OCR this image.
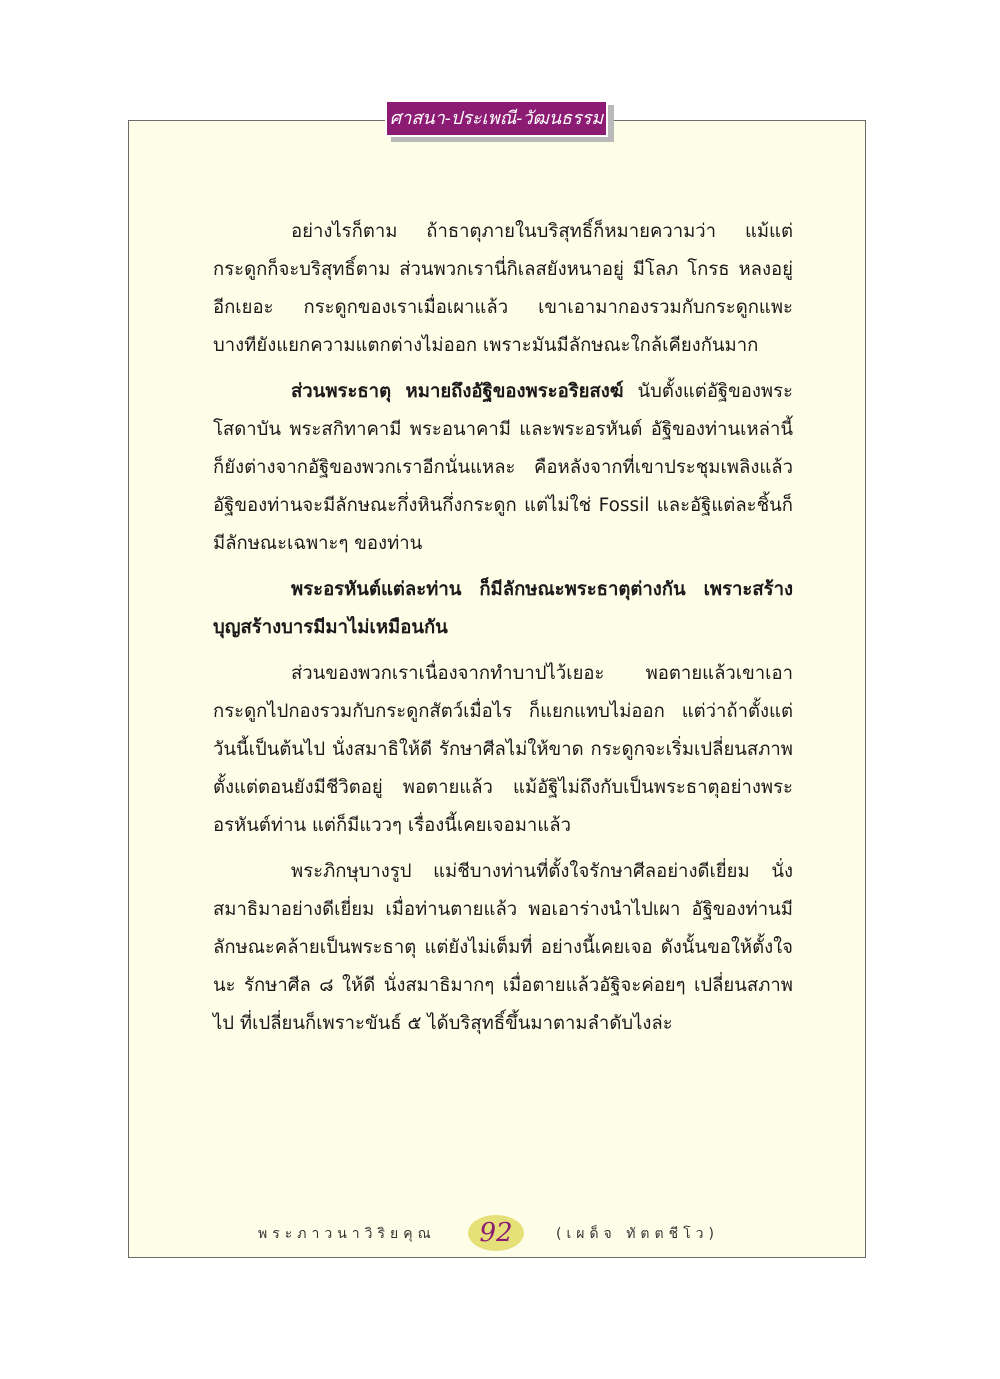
ศาสนา-ประเพณี-วัฒนธรรม

อย่างไรก็ตาม ถ้าธาตุภายในบริสุทธิ์ก็หมายความว่า แม้แต่กระดูกก็จะบริสุทธิ์ตาม ส่วนพวกเรานี่กิเลสยังหนาอยู่ มีโลภ โกรธ หลงอยู่อีกเยอะ กระดูกของเราเมื่อเผาแล้ว เขาเอามากองรวมกับกระดูกแพะ บางทียังแยกความแตกต่างไม่ออก เพราะมันมีลักษณะใกล้เคียงกันมาก

ส่วนพระธาตุ หมายถึงอัฐิของพระอริยสงฆ์ นับตั้งแต่อัฐิของพระโสดาบัน พระสกิทาคามี พระอนาคามี และพระอรหันต์ อัฐิของท่านเหล่านี้ก็ยังต่างจากอัฐิของพวกเราอีกนั่นแหละ คือหลังจากที่เขาประชุมเพลิงแล้ว อัฐิของท่านจะมีลักษณะกึ่งหินกึ่งกระดูก แต่ไม่ใช่ Fossil และอัฐิแต่ละชิ้นก็มีลักษณะเฉพาะๆ ของท่าน

พระอรหันต์แต่ละท่าน ก็มีลักษณะพระธาตุต่างกัน เพราะสร้างบุญสร้างบารมีมาไม่เหมือนกัน

ส่วนของพวกเราเนื่องจากทำบาปไว้เยอะ พอตายแล้วเขาเอากระดูกไปกองรวมกับกระดูกสัตว์เมื่อไร ก็แยกแทบไม่ออก แต่ว่าถ้าตั้งแต่วันนี้เป็นต้นไป นั่งสมาธิให้ดี รักษาศีลไม่ให้ขาด กระดูกจะเริ่มเปลี่ยนสภาพตั้งแต่ตอนยังมีชีวิตอยู่ พอตายแล้ว แม้อัฐิไม่ถึงกับเป็นพระธาตุอย่างพระอรหันต์ท่าน แต่ก็มีแววๆ เรื่องนี้เคยเจอมาแล้ว

พระภิกษุบางรูป แม่ชีบางท่านที่ตั้งใจรักษาศีลอย่างดีเยี่ยม นั่งสมาธิมาอย่างดีเยี่ยม เมื่อท่านตายแล้ว พอเอาร่างนำไปเผา อัฐิของท่านมีลักษณะคล้ายเป็นพระธาตุ แต่ยังไม่เต็มที่ อย่างนี้เคยเจอ ดังนั้นขอให้ตั้งใจนะ รักษาศีล ๘ ให้ดี นั่งสมาธิมากๆ เมื่อตายแล้วอัฐิจะค่อยๆ เปลี่ยนสภาพไป ที่เปลี่ยนก็เพราะขันธ์ ๕ ได้บริสุทธิ์ขึ้นมาตามลำดับไงล่ะ

พระภาวนาวิริยคุณ	92	(เผด็จ ทัตตชีโว)
